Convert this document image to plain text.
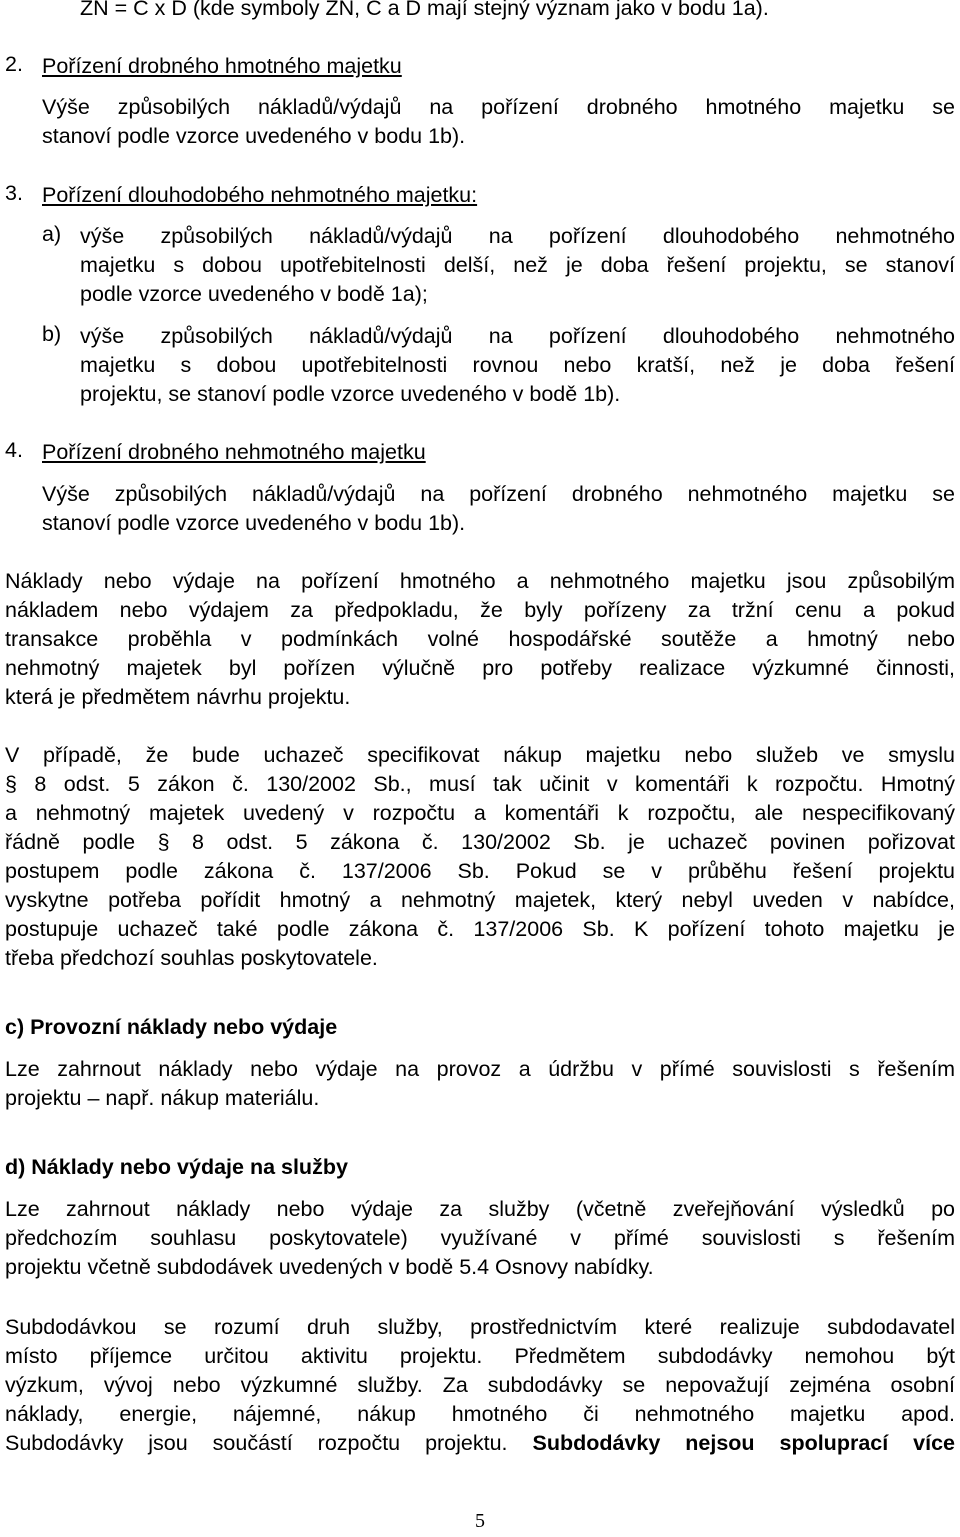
ZN = C x D (kde symboly ZN, C a D mají stejný význam jako v bodu 1a).

2. Pořízení drobného hmotného majetku

Výše způsobilých nákladů/výdajů na pořízení drobného hmotného majetku se

stanoví podle vzorce uvedeného v bodu 1b).

3. Pořízení dlouhodobého nehmotného majetku:

a) výše způsobilých nákladů/výdajů na pořízení dlouhodobého nehmotného

majetku s dobou upotřebitelnosti delší, než je doba řešení projektu, se stanoví

podle vzorce uvedeného v bodě 1a);

b) výše způsobilých nákladů/výdajů na pořízení dlouhodobého nehmotného

majetku s dobou upotřebitelnosti rovnou nebo kratší, než je doba řešení

projektu, se stanoví podle vzorce uvedeného v bodě 1b).

4. Pořízení drobného nehmotného majetku

Výše způsobilých nákladů/výdajů na pořízení drobného nehmotného majetku se

stanoví podle vzorce uvedeného v bodu 1b).

Náklady nebo výdaje na pořízení hmotného a nehmotného majetku jsou způsobilým

nákladem nebo výdajem za předpokladu, že byly pořízeny za tržní cenu a pokud

transakce proběhla v podmínkách volné hospodářské soutěže a hmotný nebo

nehmotný majetek byl pořízen výlučně pro potřeby realizace výzkumné činnosti,

která je předmětem návrhu projektu.

V případě, že bude uchazeč specifikovat nákup majetku nebo služeb ve smyslu

§ 8 odst. 5 zákon č. 130/2002 Sb., musí tak učinit v komentáři k rozpočtu. Hmotný

a nehmotný majetek uvedený v rozpočtu a komentáři k rozpočtu, ale nespecifikovaný

řádně podle § 8 odst. 5 zákona č. 130/2002 Sb. je uchazeč povinen pořizovat

postupem podle zákona č. 137/2006 Sb. Pokud se v průběhu řešení projektu

vyskytne potřeba pořídit hmotný a nehmotný majetek, který nebyl uveden v nabídce,

postupuje uchazeč také podle zákona č. 137/2006 Sb. K pořízení tohoto majetku je

třeba předchozí souhlas poskytovatele.

c) Provozní náklady nebo výdaje

Lze zahrnout náklady nebo výdaje na provoz a údržbu v přímé souvislosti s řešením

projektu – např. nákup materiálu.

d) Náklady nebo výdaje na služby

Lze zahrnout náklady nebo výdaje za služby (včetně zveřejňování výsledků po

předchozím souhlasu poskytovatele) využívané v přímé souvislosti s řešením

projektu včetně subdodávek uvedených v bodě 5.4 Osnovy nabídky.

Subdodávkou se rozumí druh služby, prostřednictvím které realizuje subdodavatel

místo příjemce určitou aktivitu projektu. Předmětem subdodávky nemohou být

výzkum, vývoj nebo výzkumné služby. Za subdodávky se nepovažují zejména osobní

náklady, energie, nájemné, nákup hmotného či nehmotného majetku apod.

Subdodávky jsou součástí rozpočtu projektu. Subdodávky nejsou spoluprací více

5
